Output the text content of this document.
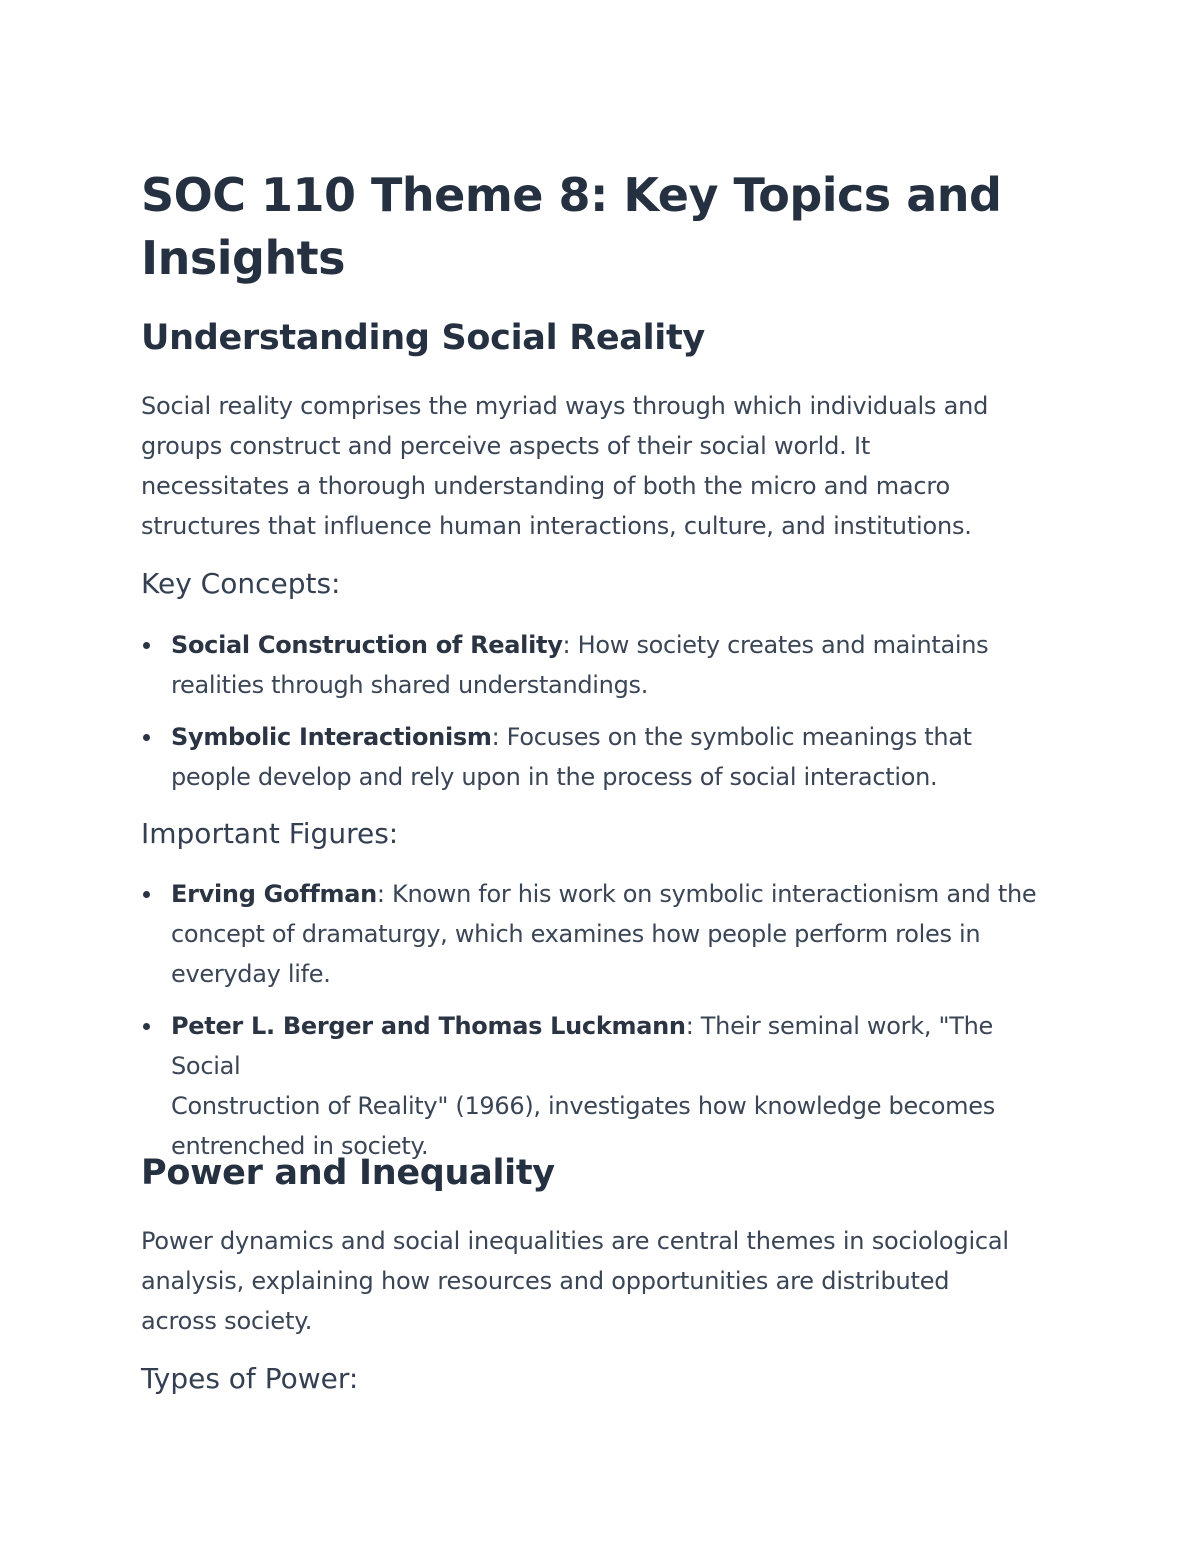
SOC 110 Theme 8: Key Topics and
Insights
Understanding Social Reality

Social reality comprises the myriad ways through which individuals and
groups construct and perceive aspects of their social world. It
necessitates a thorough understanding of both the micro and macro
structures that influence human interactions, culture, and institutions.

Key Concepts:
Social Construction of Reality: How society creates and maintains
realities through shared understandings.
Symbolic Interactionism: Focuses on the symbolic meanings that
people develop and rely upon in the process of social interaction.
Important Figures:
Erving Goffman: Known for his work on symbolic interactionism and the
concept of dramaturgy, which examines how people perform roles in
everyday life.
Peter L. Berger and Thomas Luckmann: Their seminal work, "The Social
Construction of Reality" (1966), investigates how knowledge becomes
entrenched in society.
Power and Inequality

Power dynamics and social inequalities are central themes in sociological
analysis, explaining how resources and opportunities are distributed
across society.

Types of Power:
